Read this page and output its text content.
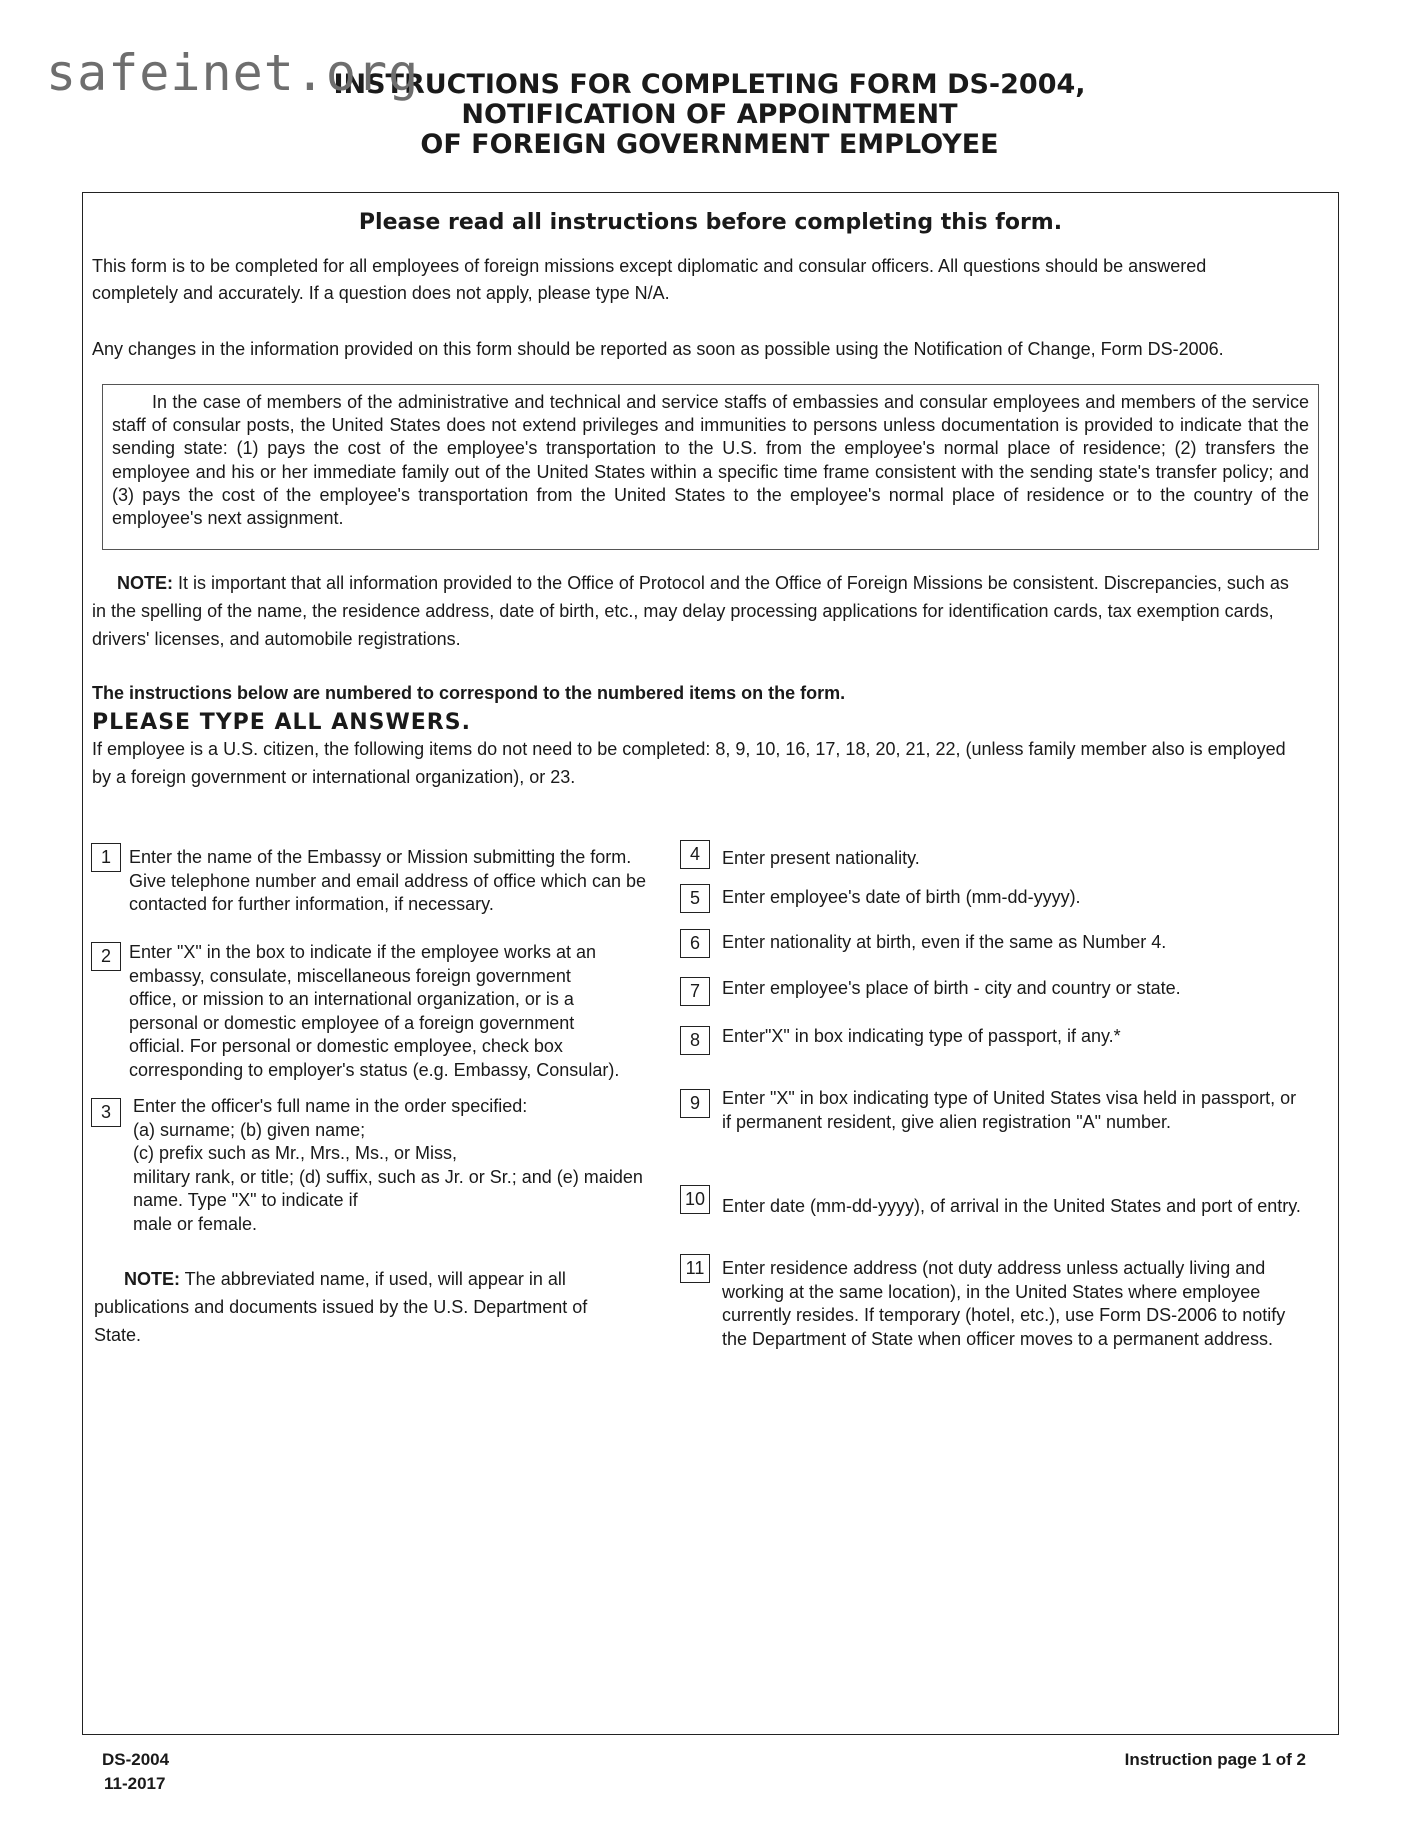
safeinet.org
INSTRUCTIONS FOR COMPLETING FORM DS-2004,
NOTIFICATION OF APPOINTMENT
OF FOREIGN GOVERNMENT EMPLOYEE
Please read all instructions before completing this form.
This form is to be completed for all employees of foreign missions except diplomatic and consular officers. All questions should be answered
completely and accurately. If a question does not apply, please type N/A.
Any changes in the information provided on this form should be reported as soon as possible using the Notification of Change, Form DS-2006.
In the case of members of the administrative and technical and service staffs of embassies and consular employees and members of the service staff of consular posts, the United States does not extend privileges and immunities to persons unless documentation is provided to indicate that the sending state: (1) pays the cost of the employee's transportation to the U.S. from the employee's normal place of residence; (2) transfers the employee and his or her immediate family out of the United States within a specific time frame consistent with the sending state's transfer policy; and (3) pays the cost of the employee's transportation from the United States to the employee's normal place of residence or to the country of the employee's next assignment.
NOTE: It is important that all information provided to the Office of Protocol and the Office of Foreign Missions be consistent. Discrepancies, such as
in the spelling of the name, the residence address, date of birth, etc., may delay processing applications for identification cards, tax exemption cards,
drivers' licenses, and automobile registrations.
The instructions below are numbered to correspond to the numbered items on the form.
PLEASE TYPE ALL ANSWERS.
If employee is a U.S. citizen, the following items do not need to be completed: 8, 9, 10, 16, 17, 18, 20, 21, 22, (unless family member also is employed
by a foreign government or international organization), or 23.
1	Enter the name of the Embassy or Mission submitting the form.
Give telephone number and email address of office which can be
contacted for further information, if necessary.
2	Enter "X" in the box to indicate if the employee works at an
embassy, consulate, miscellaneous foreign government
office, or mission to an international organization, or is a
personal or domestic employee of a foreign government
official. For personal or domestic employee, check box
corresponding to employer's status (e.g. Embassy, Consular).
3	Enter the officer's full name in the order specified:
(a) surname; (b) given name;
(c) prefix such as Mr., Mrs., Ms., or Miss,
military rank, or title; (d) suffix, such as Jr. or Sr.; and (e) maiden
name. Type "X" to indicate if
male or female.
NOTE: The abbreviated name, if used, will appear in all
publications and documents issued by the U.S. Department of
State.
4	Enter present nationality.
5	Enter employee's date of birth (mm-dd-yyyy).
6	Enter nationality at birth, even if the same as Number 4.
7	Enter employee's place of birth - city and country or state.
8	Enter"X" in box indicating type of passport, if any.*
9	Enter "X" in box indicating type of United States visa held in passport, or
if permanent resident, give alien registration "A" number.
10 Enter date (mm-dd-yyyy), of arrival in the United States and port of entry.
11 Enter residence address (not duty address unless actually living and
working at the same location), in the United States where employee
currently resides. If temporary (hotel, etc.), use Form DS-2006 to notify
the Department of State when officer moves to a permanent address.
DS-2004
11-2017
Instruction page 1 of 2
